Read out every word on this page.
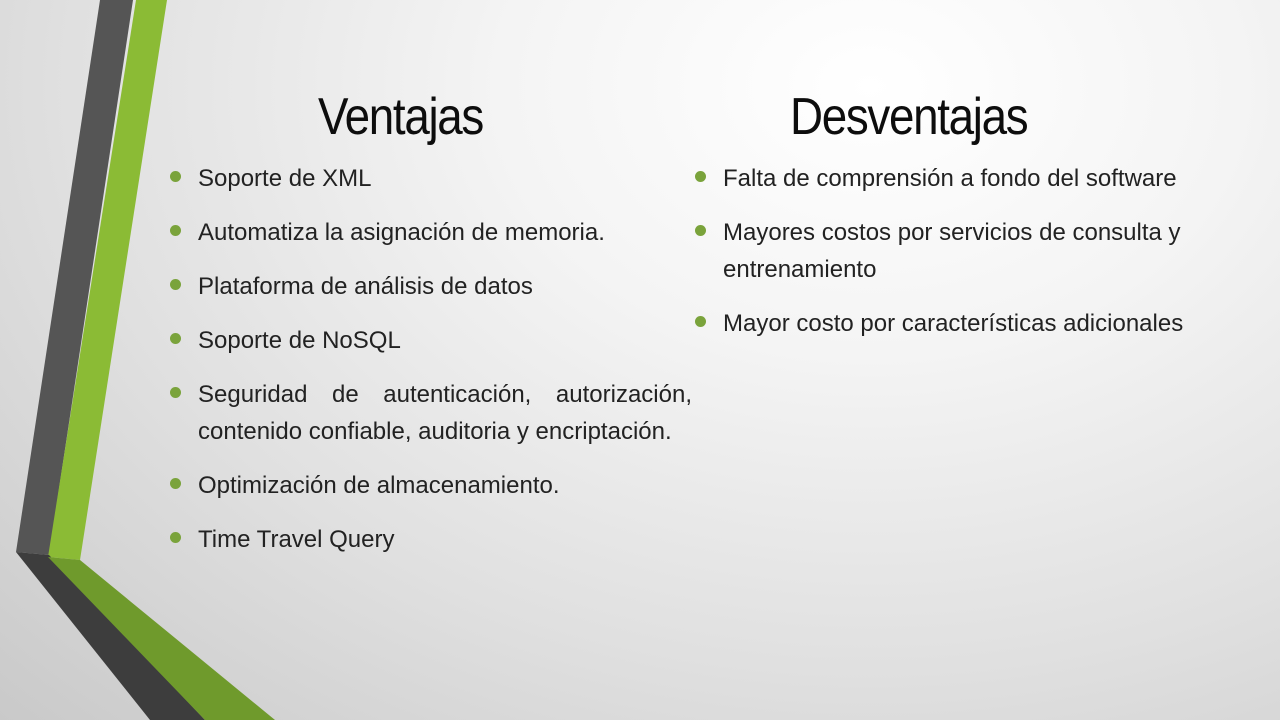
Ventajas	Desventajas
Soporte de XML
Automatiza la asignación de memoria.
Plataforma de análisis de datos
Soporte de NoSQL
Seguridad de autenticación, autorización, contenido confiable, auditoria y encriptación.
Optimización de almacenamiento.
Time Travel Query
Falta de comprensión a fondo del software
Mayores costos por servicios de consulta y entrenamiento
Mayor costo por características adicionales
